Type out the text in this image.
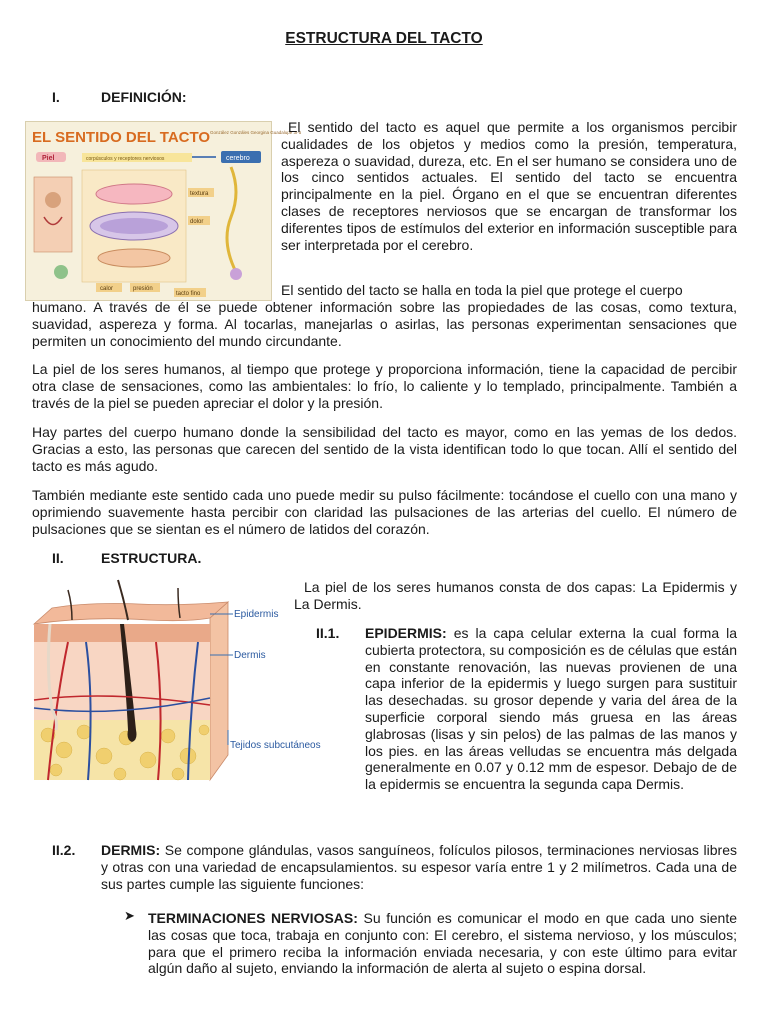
ESTRUCTURA DEL TACTO
I.	DEFINICIÓN:
EL SENTIDO DEL TACTO González Gonzáles Georgina Guadalupe 3I-5
Piel	corpúsculos y receptores nerviosos	cerebro
textura
dolor
calor	presión
tacto fino
El sentido del tacto es aquel que permite a los organismos percibir cualidades de los objetos y medios como la presión, temperatura, aspereza o suavidad, dureza, etc. En el ser humano se considera uno de los cinco sentidos actuales. El sentido del tacto se encuentra principalmente en la piel. Órgano en el que se encuentran diferentes clases de receptores nerviosos que se encargan de transformar los diferentes tipos de estímulos del exterior en información susceptible para ser interpretada por el cerebro.
El sentido del tacto se halla en toda la piel que protege el cuerpo
humano. A través de él se puede obtener información sobre las propiedades de las cosas, como textura, suavidad, aspereza y forma. Al tocarlas, manejarlas o asirlas, las personas experimentan sensaciones que permiten un conocimiento del mundo circundante.
La piel de los seres humanos, al tiempo que protege y proporciona información, tiene la capacidad de percibir otra clase de sensaciones, como las ambientales: lo frío, lo caliente y lo templado, principalmente. También a través de la piel se pueden apreciar el dolor y la presión.
Hay partes del cuerpo humano donde la sensibilidad del tacto es mayor, como en las yemas de los dedos. Gracias a esto, las personas que carecen del sentido de la vista identifican todo lo que tocan. Allí el sentido del tacto es más agudo.
También mediante este sentido cada uno puede medir su pulso fácilmente: tocándose el cuello con una mano y oprimiendo suavemente hasta percibir con claridad las pulsaciones de las arterias del cuello. El número de pulsaciones que se sientan es el número de latidos del corazón.
II.	ESTRUCTURA.
Epidermis
Dermis
Tejidos subcutáneos
La piel de los seres humanos consta de dos capas: La Epidermis y La Dermis.
II.1. EPIDERMIS: es la capa celular externa la cual forma la cubierta protectora, su composición es de células que están en constante renovación, las nuevas provienen de una capa inferior de la epidermis y luego surgen para sustituir las desechadas. su grosor depende y varia del área de la superficie corporal siendo más gruesa en las áreas glabrosas (lisas y sin pelos) de las palmas de las manos y los pies. en las áreas velludas se encuentra más delgada generalmente en 0.07 y 0.12 mm de espesor. Debajo de de la epidermis se encuentra la segunda capa Dermis.
II.2. DERMIS: Se compone glándulas, vasos sanguíneos, folículos pilosos, terminaciones nerviosas libres y otras con una variedad de encapsulamientos. su espesor varía entre 1 y 2 milímetros. Cada una de sus partes cumple las siguiente funciones:
➤ TERMINACIONES NERVIOSAS: Su función es comunicar el modo en que cada uno siente las cosas que toca, trabaja en conjunto con: El cerebro, el sistema nervioso, y los músculos; para que el primero reciba la información enviada necesaria, y con este último para evitar algún daño al sujeto, enviando la información de alerta al sujeto o espina dorsal.
